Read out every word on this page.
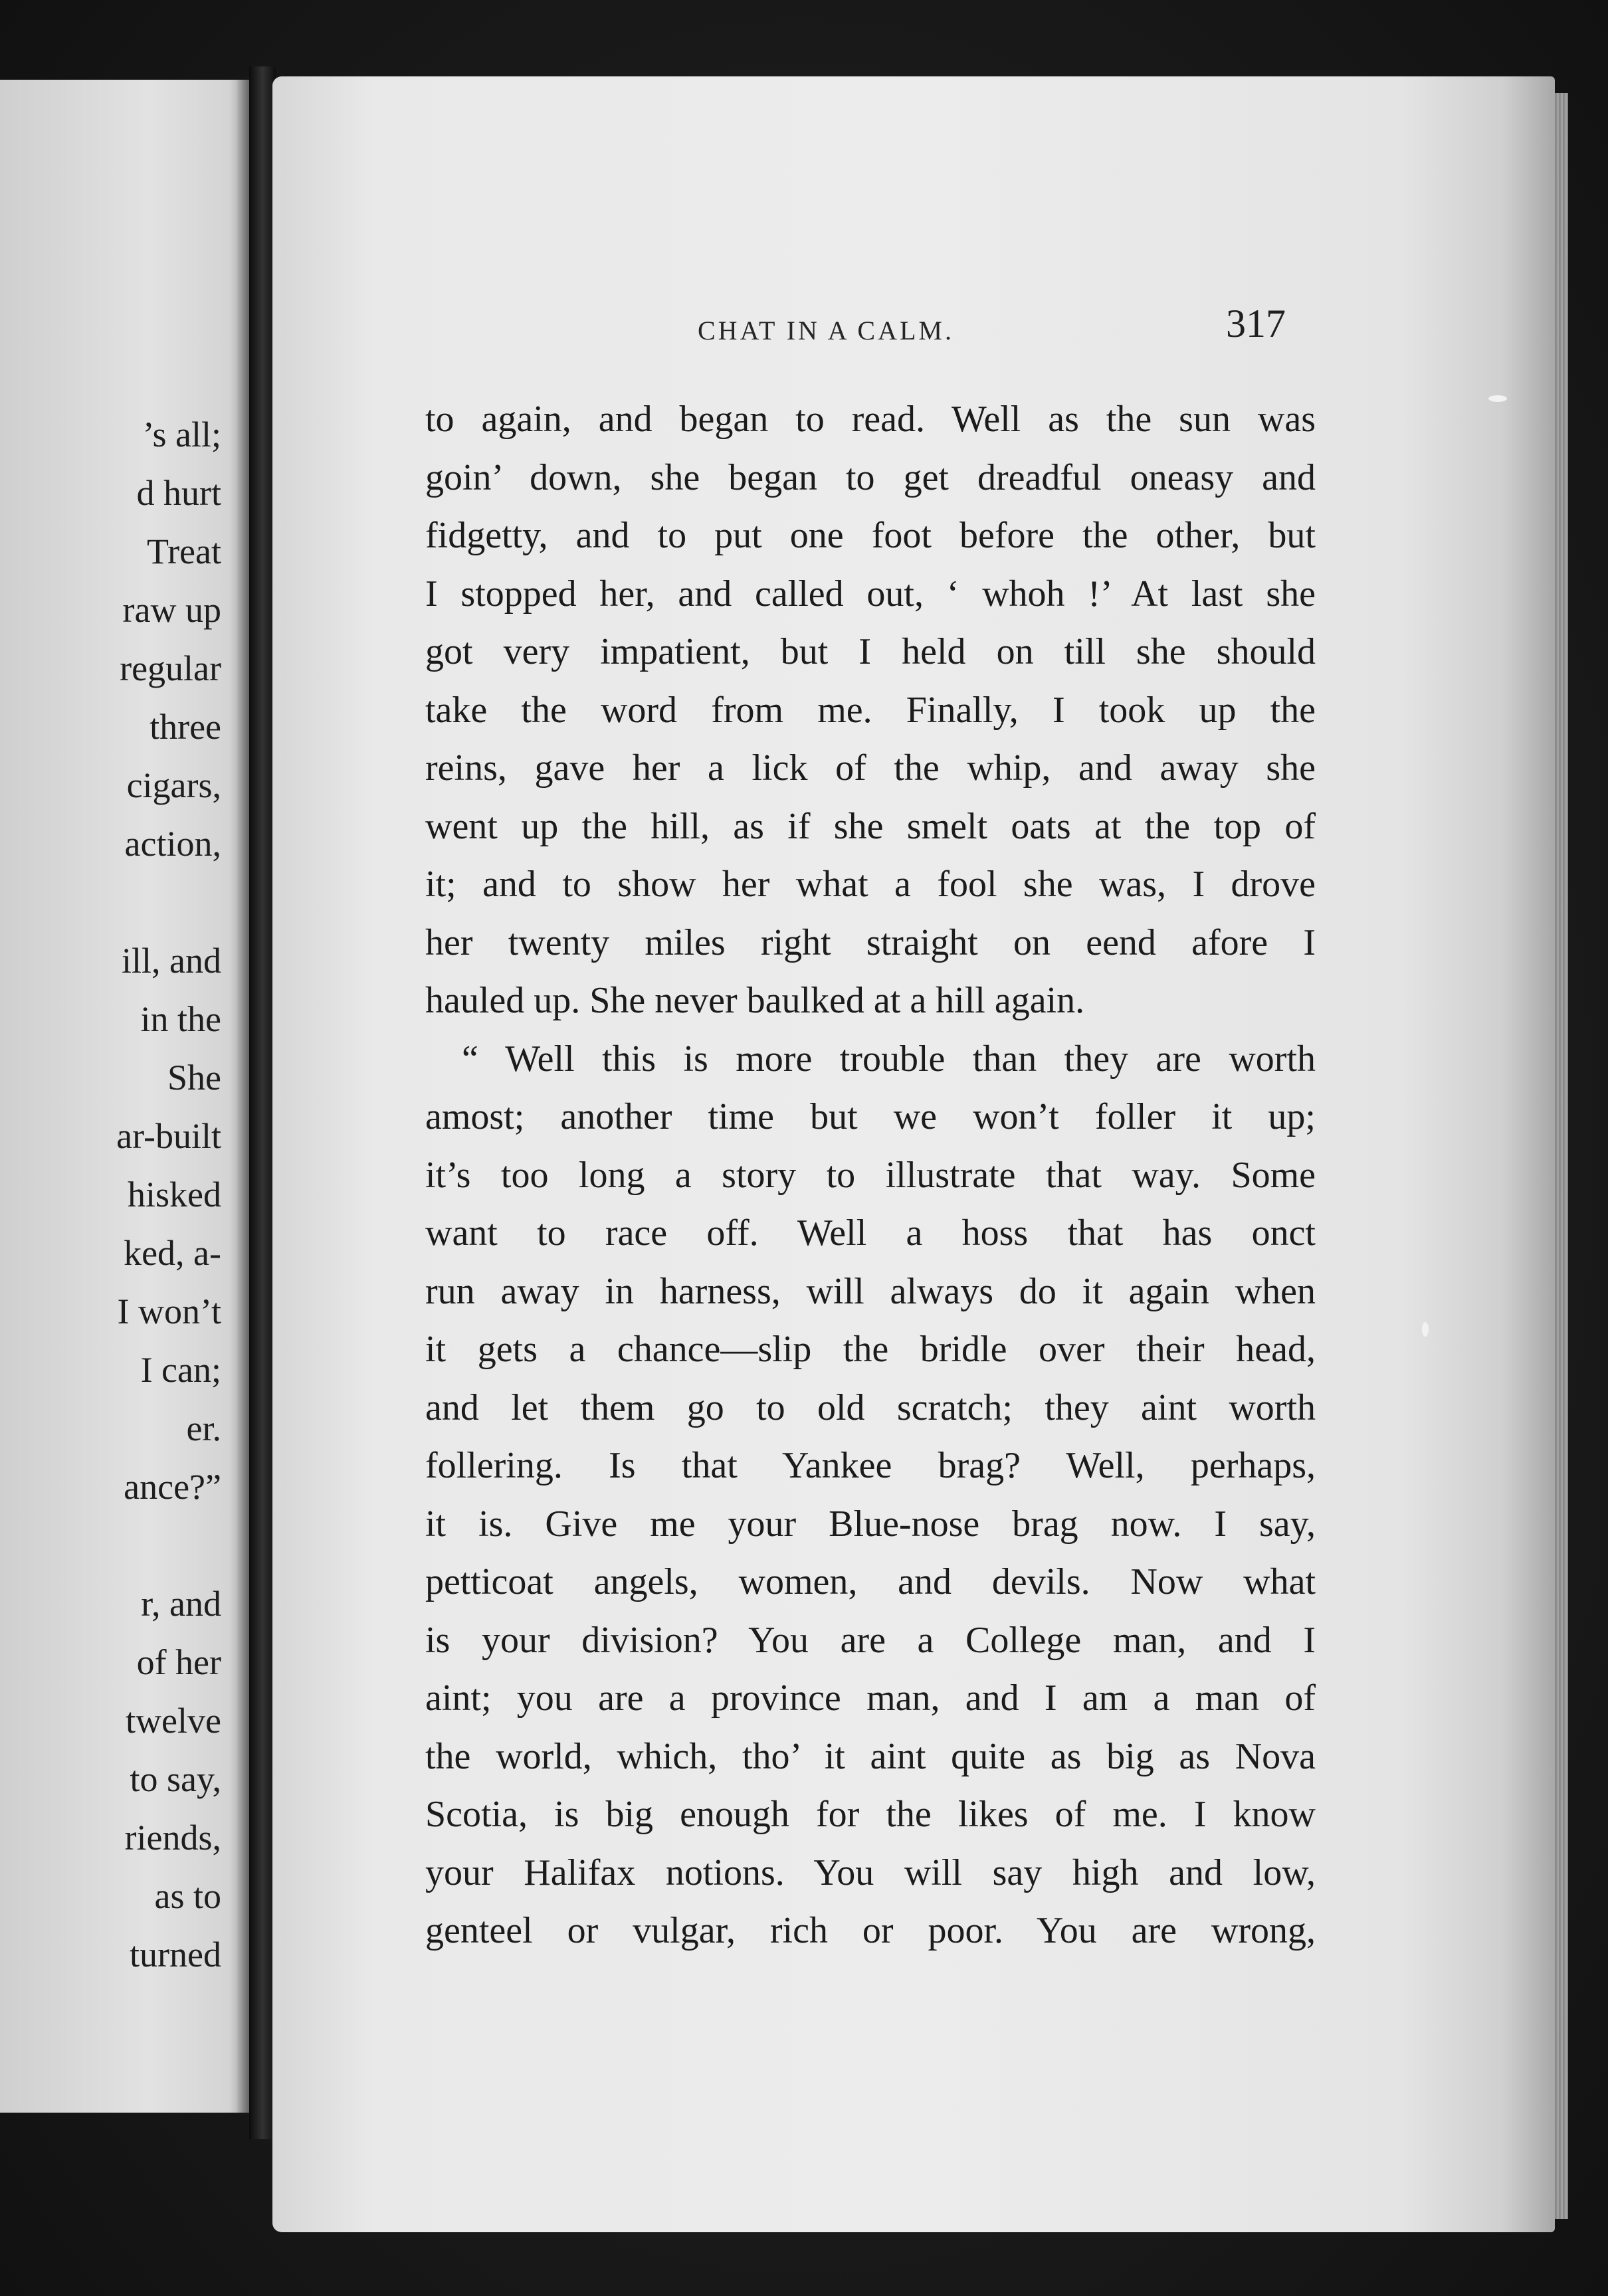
’s all;
d hurt
Treat
raw up
regular
three
cigars,
action,
ill, and
in the
She
ar-built
hisked
ked, a-
I won’t
I can;
er.
ance?”
r, and
of her
twelve
to say,
riends,
as to
turned
CHAT IN A CALM.	317
to again, and began to read. Well as the sun was
goin’ down, she began to get dreadful oneasy and
fidgetty, and to put one foot before the other, but
I stopped her, and called out, ‘ whoh !’ At last she
got very impatient, but I held on till she should
take the word from me. Finally, I took up the
reins, gave her a lick of the whip, and away she
went up the hill, as if she smelt oats at the top of
it; and to show her what a fool she was, I drove
her twenty miles right straight on eend afore I
hauled up. She never baulked at a hill again.
“ Well this is more trouble than they are worth
amost; another time but we won’t foller it up;
it’s too long a story to illustrate that way. Some
want to race off. Well a hoss that has onct
run away in harness, will always do it again when
it gets a chance—slip the bridle over their head,
and let them go to old scratch; they aint worth
follering. Is that Yankee brag? Well, perhaps,
it is. Give me your Blue-nose brag now. I say,
petticoat angels, women, and devils. Now what
is your division? You are a College man, and I
aint; you are a province man, and I am a man of
the world, which, tho’ it aint quite as big as Nova
Scotia, is big enough for the likes of me. I know
your Halifax notions. You will say high and low,
genteel or vulgar, rich or poor. You are wrong,
